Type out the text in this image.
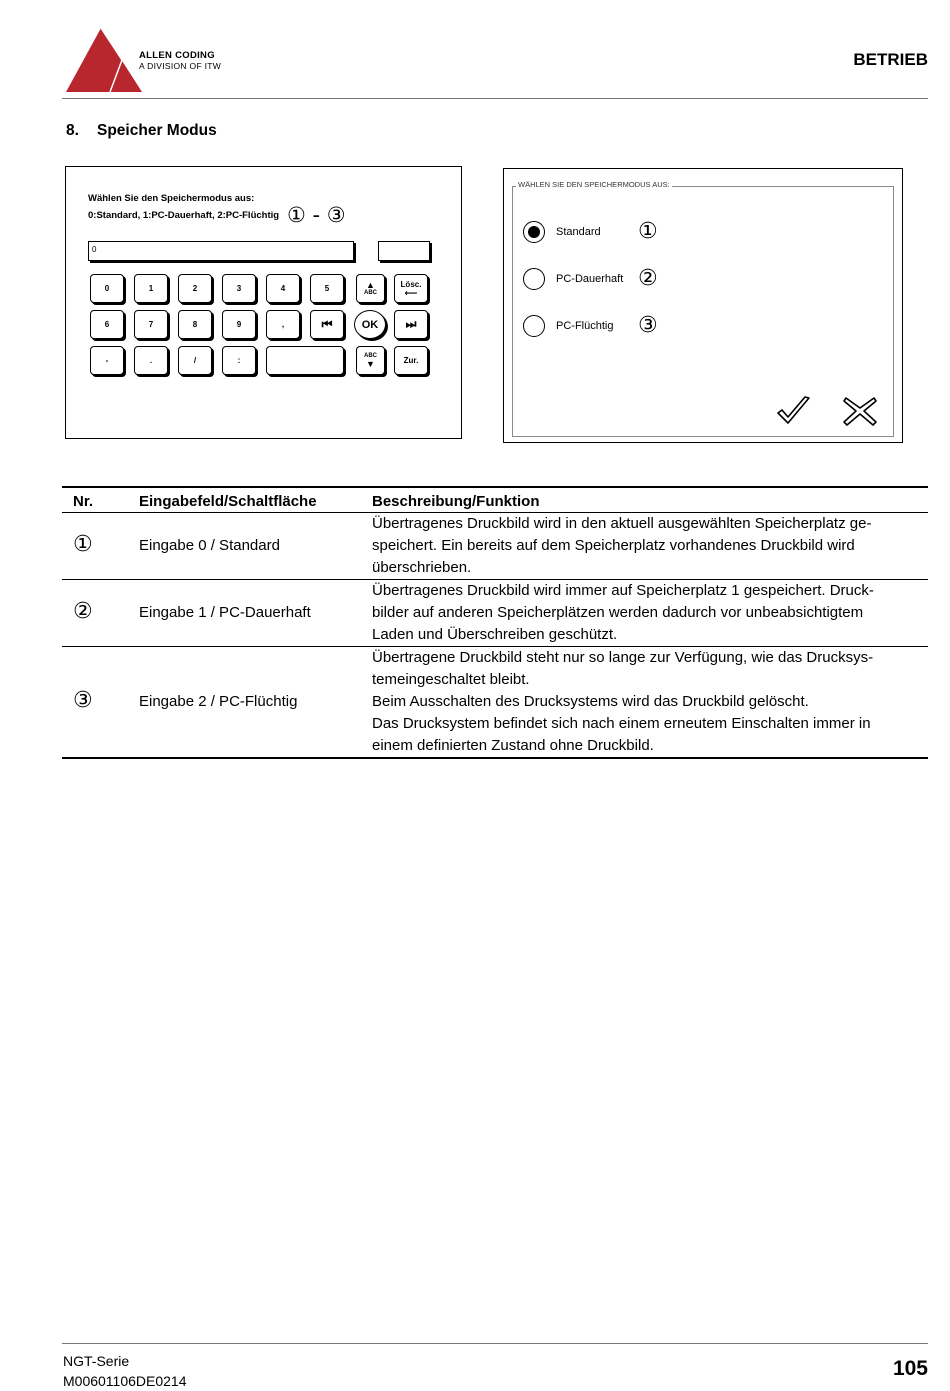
ALLEN CODING
A DIVISION OF ITW	BETRIEB
8. Speicher Modus
Wählen Sie den Speichermodus aus:
0:Standard, 1:PC-Dauerhaft, 2:PC-Flüchtig ① - ③
0
0	1	2	3	4	5	▲
ABC
Lösc.
⟵
6	7	8	9	,	⏮	OK	⏭
-	.	/	:
ABC
▼	Zur.
WÄHLEN SIE DEN SPEICHERMODUS AUS:
Standard	①
PC-Dauerhaft ②
PC-Flüchtig	③
Nr.	Eingabefeld/Schaltfläche	Beschreibung/Funktion
①	Eingabe 0 / Standard	Übertragenes Druckbild wird in den aktuell ausgewählten Speicherplatz ge-
speichert. Ein bereits auf dem Speicherplatz vorhandenes Druckbild wird
überschrieben.

②	Eingabe 1 / PC-Dauerhaft	Übertragenes Druckbild wird immer auf Speicherplatz 1 gespeichert. Druck-
bilder auf anderen Speicherplätzen werden dadurch vor unbeabsichtigtem
Laden und Überschreiben geschützt.

③	Eingabe 2 / PC-Flüchtig	Übertragene Druckbild steht nur so lange zur Verfügung, wie das Drucksys-
temeingeschaltet bleibt.
Beim Ausschalten des Drucksystems wird das Druckbild gelöscht.
Das Drucksystem befindet sich nach einem erneutem Einschalten immer in
einem definierten Zustand ohne Druckbild.
NGT-Serie
M00601106DE0214
105
